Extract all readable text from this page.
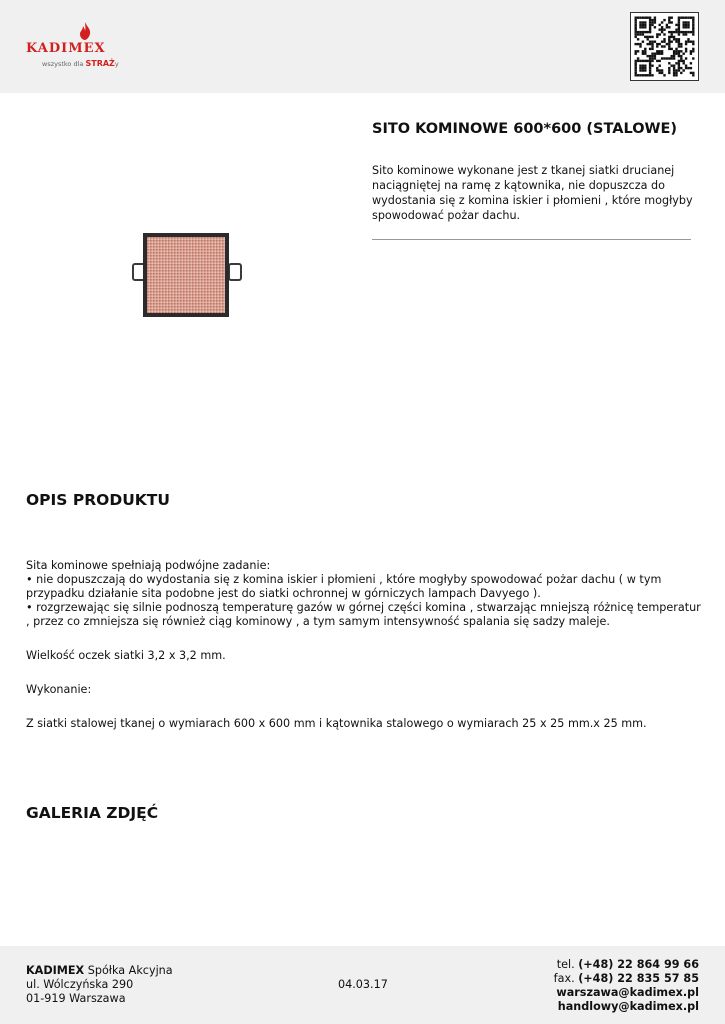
KADIMEX
wszystko dla STRAŻy
SITO KOMINOWE 600*600 (STALOWE)
Sito kominowe wykonane jest z tkanej siatki drucianej naciągniętej na ramę z kątownika, nie dopuszcza do wydostania się z komina iskier i płomieni , które mogłyby spowodować pożar dachu.
OPIS PRODUKTU

Sita kominowe spełniają podwójne zadanie:
• nie dopuszczają do wydostania się z komina iskier i płomieni , które mogłyby spowodować pożar dachu ( w tym przypadku działanie sita podobne jest do siatki ochronnej w górniczych lampach Davyego ).
• rozgrzewając się silnie podnoszą temperaturę gazów w górnej części komina , stwarzając mniejszą różnicę temperatur , przez co zmniejsza się również ciąg kominowy , a tym samym intensywność spalania się sadzy maleje.

Wielkość oczek siatki 3,2 x 3,2 mm.

Wykonanie:

Z siatki stalowej tkanej o wymiarach 600 x 600 mm i kątownika stalowego o wymiarach 25 x 25 mm.x 25 mm.

GALERIA ZDJĘĆ
KADIMEX Spółka Akcyjna
ul. Wólczyńska 290
01-919 Warszawa
04.03.17
tel. (+48) 22 864 99 66
fax. (+48) 22 835 57 85
warszawa@kadimex.pl
handlowy@kadimex.pl
